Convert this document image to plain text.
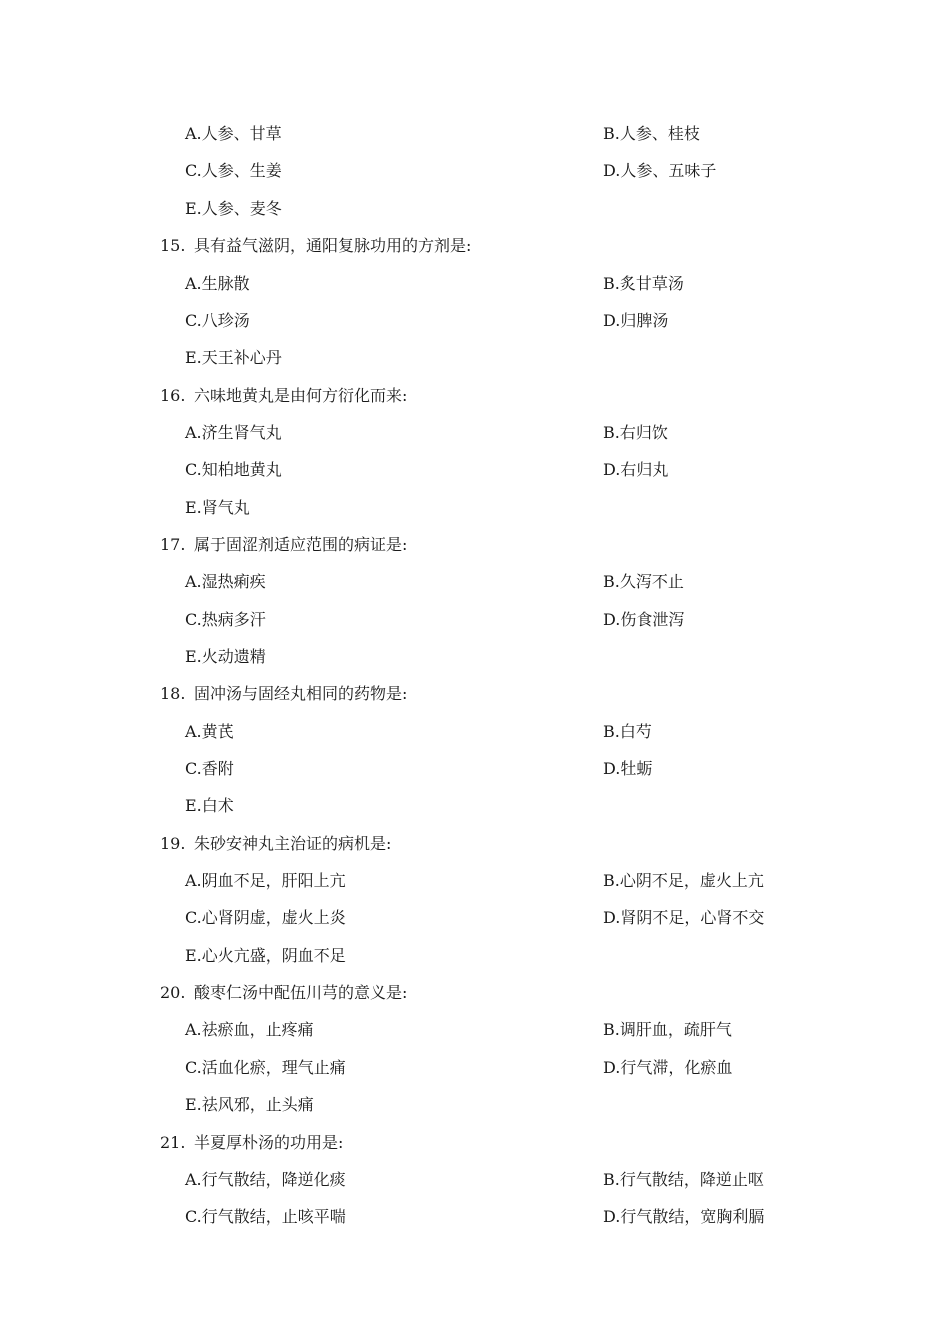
A.人参、甘草	B.人参、桂枝
C.人参、生姜	D.人参、五味子
E.人参、麦冬
15. 具有益气滋阴，通阳复脉功用的方剂是:
A.生脉散	B.炙甘草汤
C.八珍汤	D.归脾汤
E.天王补心丹
16. 六味地黄丸是由何方衍化而来:
A.济生肾气丸	B.右归饮
C.知柏地黄丸	D.右归丸
E.肾气丸
17. 属于固涩剂适应范围的病证是:
A.湿热痢疾	B.久泻不止
C.热病多汗	D.伤食泄泻
E.火动遗精
18. 固冲汤与固经丸相同的药物是:
A.黄芪	B.白芍
C.香附	D.牡蛎
E.白术
19. 朱砂安神丸主治证的病机是:
A.阴血不足，肝阳上亢	B.心阴不足，虚火上亢
C.心肾阴虚，虚火上炎	D.肾阴不足，心肾不交
E.心火亢盛，阴血不足
20. 酸枣仁汤中配伍川芎的意义是:
A.祛瘀血，止疼痛	B.调肝血，疏肝气
C.活血化瘀，理气止痛	D.行气滞，化瘀血
E.祛风邪，止头痛
21. 半夏厚朴汤的功用是:
A.行气散结，降逆化痰	B.行气散结，降逆止呕
C.行气散结，止咳平喘	D.行气散结，宽胸利膈
